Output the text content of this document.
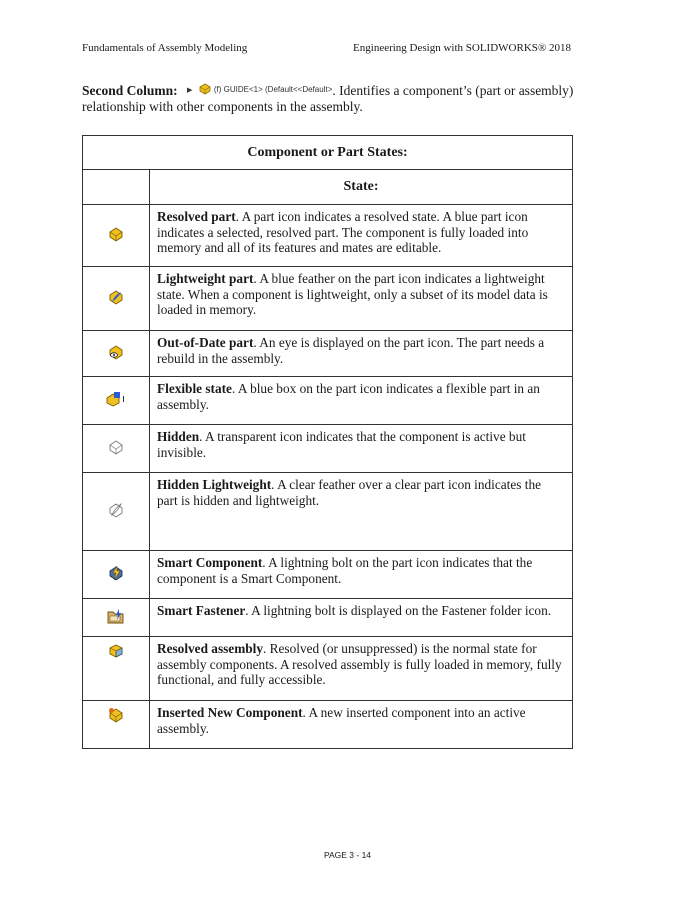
Fundamentals of Assembly Modeling	Engineering Design with SOLIDWORKS® 2018
Second Column: ▶	(f) GUIDE<1> (Default<<Default>. Identifies a component’s (part or assembly) relationship with other components in the assembly.
Component or Part States:	
	State:
	Resolved part. A part icon indicates a resolved state. A blue part icon indicates a selected, resolved part. The component is fully loaded into memory and all of its features and mates are editable.
	Lightweight part. A blue feather on the part icon indicates a lightweight state. When a component is lightweight, only a subset of its model data is loaded in memory.
	Out-of-Date part. An eye is displayed on the part icon. The part needs a rebuild in the assembly.
	Flexible state. A blue box on the part icon indicates a flexible part in an assembly.
	Hidden. A transparent icon indicates that the component is active but invisible.
	Hidden Lightweight. A clear feather over a clear part icon indicates the part is hidden and lightweight.
	Smart Component. A lightning bolt on the part icon indicates that the component is a Smart Component.
	Smart Fastener. A lightning bolt is displayed on the Fastener folder icon.
	Resolved assembly. Resolved (or unsuppressed) is the normal state for assembly components. A resolved assembly is fully loaded in memory, fully functional, and fully accessible.
	Inserted New Component. A new inserted component into an active assembly.
PAGE 3 - 14
